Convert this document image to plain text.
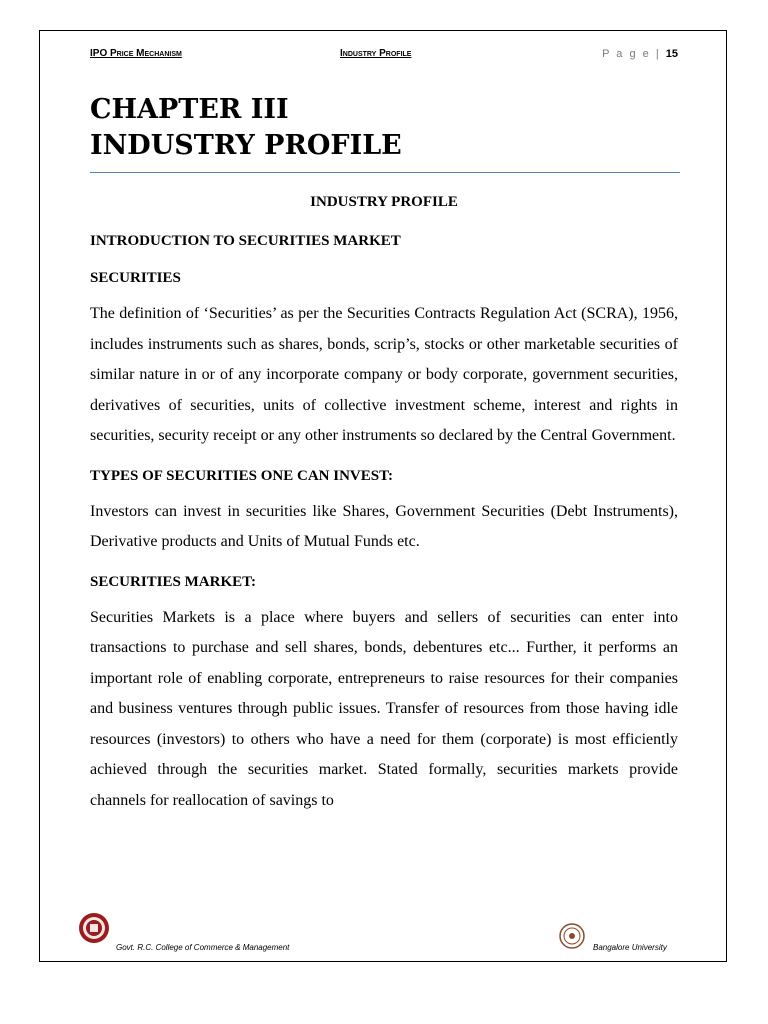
IPO Price Mechanism	Industry Profile	P a g e | 15
CHAPTER III
INDUSTRY PROFILE

INDUSTRY PROFILE

INTRODUCTION TO SECURITIES MARKET

SECURITIES

The definition of ‘Securities’ as per the Securities Contracts Regulation Act (SCRA), 1956, includes instruments such as shares, bonds, scrip’s, stocks or other marketable securities of similar nature in or of any incorporate company or body corporate, government securities, derivatives of securities, units of collective investment scheme, interest and rights in securities, security receipt or any other instruments so declared by the Central Government.

TYPES OF SECURITIES ONE CAN INVEST:

Investors can invest in securities like Shares, Government Securities (Debt Instruments), Derivative products and Units of Mutual Funds etc.

SECURITIES MARKET:

Securities Markets is a place where buyers and sellers of securities can enter into transactions to purchase and sell shares, bonds, debentures etc... Further, it performs an important role of enabling corporate, entrepreneurs to raise resources for their companies and business ventures through public issues. Transfer of resources from those having idle resources (investors) to others who have a need for them (corporate) is most efficiently achieved through the securities market. Stated formally, securities markets provide channels for reallocation of savings to

Govt. R.C. College of Commerce & Management	Bangalore University
